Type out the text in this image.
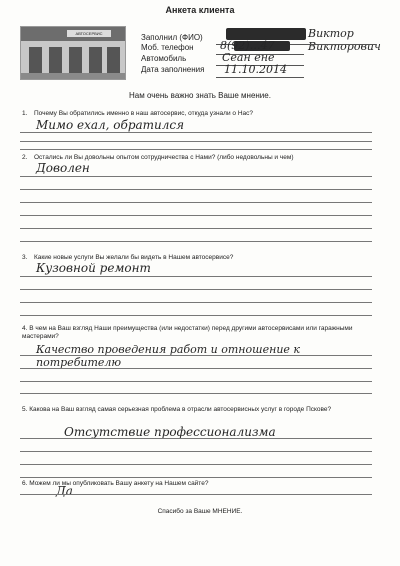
Анкета клиента
АВТОСЕРВИС	Заполнил (ФИО)	Виктор Викторович
Моб. телефон 8(92)…47
Автомобиль	Сеан ене
Дата заполнения 11.10.2014
Нам очень важно знать Ваше мнение.
1. Почему Вы обратились именно в наш автосервис, откуда узнали о Нас?
Мимо ехал, обратился
2. Остались ли Вы довольны опытом сотрудничества с Нами? (либо недовольны и чем)
Доволен
3. Какие новые услуги Вы желали бы видеть в Нашем автосервисе?
Кузовной ремонт
4. В чем на Ваш взгляд Наши преимущества (или недостатки) перед другими автосервисами или гаражными мастерами?
Качество проведения работ и отношение к потребителю
5. Какова на Ваш взгляд самая серьезная проблема в отрасли автосервисных услуг в городе Пскове?
Отсутствие профессионализма
6. Можем ли мы опубликовать Вашу анкету на Нашем сайте?
Да
Спасибо за Ваше МНЕНИЕ.
